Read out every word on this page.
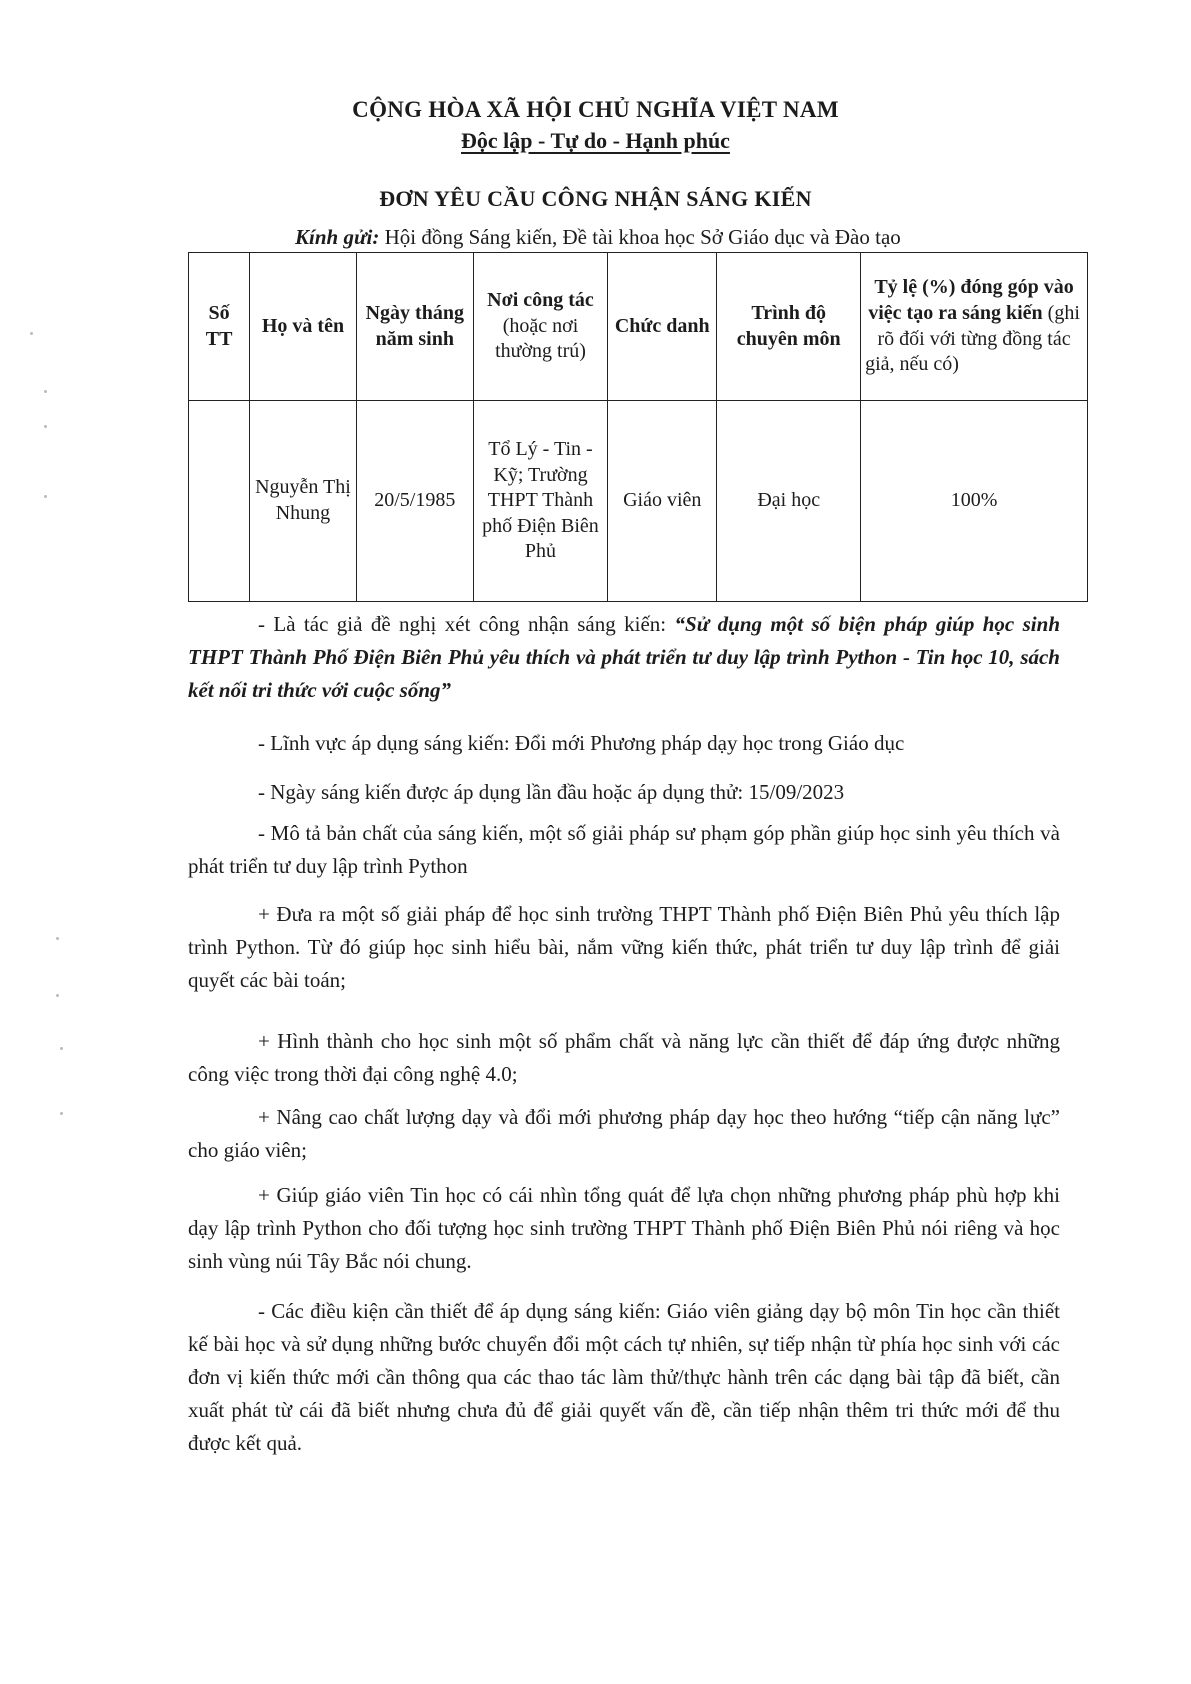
CỘNG HÒA XÃ HỘI CHỦ NGHĨA VIỆT NAM
Độc lập - Tự do - Hạnh phúc
ĐƠN YÊU CẦU CÔNG NHẬN SÁNG KIẾN
Kính gửi: Hội đồng Sáng kiến, Đề tài khoa học Sở Giáo dục và Đào tạo
Số TT	Họ và tên	Ngày tháng năm sinh	Nơi công tác (hoặc nơi thường trú)	Chức danh	Trình độ chuyên môn	Tỷ lệ (%) đóng góp vào việc tạo ra sáng kiến (ghi rõ đối với từng đồng tác giả, nếu có)
	Nguyễn Thị Nhung	20/5/1985	Tổ Lý - Tin - Kỹ; Trường THPT Thành phố Điện Biên Phủ	Giáo viên	Đại học	100%

- Là tác giả đề nghị xét công nhận sáng kiến: “Sử dụng một số biện pháp giúp học sinh THPT Thành Phố Điện Biên Phủ yêu thích và phát triển tư duy lập trình Python - Tin học 10, sách kết nối tri thức với cuộc sống”

- Lĩnh vực áp dụng sáng kiến: Đổi mới Phương pháp dạy học trong Giáo dục

- Ngày sáng kiến được áp dụng lần đầu hoặc áp dụng thử: 15/09/2023

- Mô tả bản chất của sáng kiến, một số giải pháp sư phạm góp phần giúp học sinh yêu thích và phát triển tư duy lập trình Python

+ Đưa ra một số giải pháp để học sinh trường THPT Thành phố Điện Biên Phủ yêu thích lập trình Python. Từ đó giúp học sinh hiểu bài, nắm vững kiến thức, phát triển tư duy lập trình để giải quyết các bài toán;

+ Hình thành cho học sinh một số phẩm chất và năng lực cần thiết để đáp ứng được những công việc trong thời đại công nghệ 4.0;

+ Nâng cao chất lượng dạy và đổi mới phương pháp dạy học theo hướng “tiếp cận năng lực” cho giáo viên;

+ Giúp giáo viên Tin học có cái nhìn tổng quát để lựa chọn những phương pháp phù hợp khi dạy lập trình Python cho đối tượng học sinh trường THPT Thành phố Điện Biên Phủ nói riêng và học sinh vùng núi Tây Bắc nói chung.

- Các điều kiện cần thiết để áp dụng sáng kiến: Giáo viên giảng dạy bộ môn Tin học cần thiết kế bài học và sử dụng những bước chuyển đổi một cách tự nhiên, sự tiếp nhận từ phía học sinh với các đơn vị kiến thức mới cần thông qua các thao tác làm thử/thực hành trên các dạng bài tập đã biết, cần xuất phát từ cái đã biết nhưng chưa đủ để giải quyết vấn đề, cần tiếp nhận thêm tri thức mới để thu được kết quả.
